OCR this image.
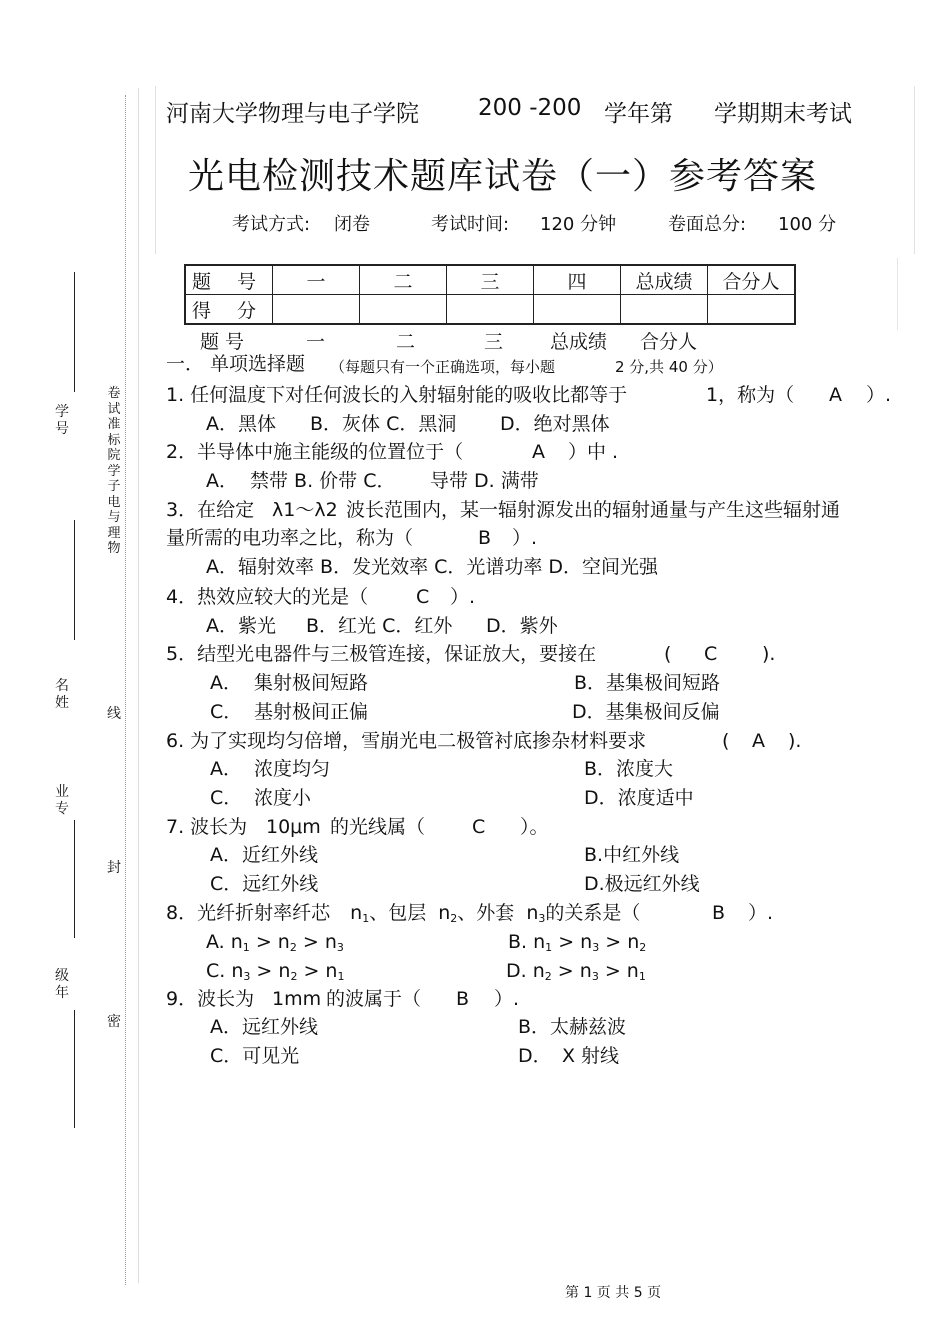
学号
名姓
业专
级年
卷试准标院学子电与理物
线
封
密
河南大学物理与电子学院	200 -200 学年第 学期期末考试
光电检测技术题库试卷（一）参考答案
考试方式: 闭卷	考试时间: 120 分钟	卷面总分: 100 分
题 号	一	二	三	四	总成绩	合分人
得 分						
题 号	一	二	三 总成绩 合分人
一． 单项选择题 （每题只有一个正确选项，每小题	2 分,共 40 分）
1. 任何温度下对任何波长的入射辐射能的吸收比都等于	1，称为（ A ）.
A．黑体 B．灰体 C．黑洞 D．绝对黑体
2．半导体中施主能级的位置位于（	A ）中 .
A． 禁带 B. 价带 C． 导带 D. 满带
3．在给定 λ1～λ2 波长范围内，某一辐射源发出的辐射通量与产生这些辐射通
量所需的电功率之比，称为（	B ）.
A．辐射效率 B．发光效率 C．光谱功率 D．空间光强
4．热效应较大的光是（	C ）.
A．紫光 B．红光 C．红外 D．紫外
5．结型光电器件与三极管连接，保证放大，要接在	( C ).
A． 集射极间短路	B．基集极间短路
C． 基射极间正偏	D．基集极间反偏
6. 为了实现均匀倍增，雪崩光电二极管衬底掺杂材料要求	( A ).
A． 浓度均匀	B．浓度大
C． 浓度小	D．浓度适中
7. 波长为 10μm 的光线属（ C ）。
A．近红外线	B.中红外线
C．远红外线	D.极远红外线
8．光纤折射率纤芯 n1、包层 n2、外套 n3的关系是（	B ）.
A. n1 > n2 > n3	B. n1 > n3 > n2
C. n3 > n2 > n1	D. n2 > n3 > n1
9．波长为 1mm 的波属于（ B ）.
A．远红外线	B．太赫兹波
C．可见光	D． X 射线
第 1 页 共 5 页
